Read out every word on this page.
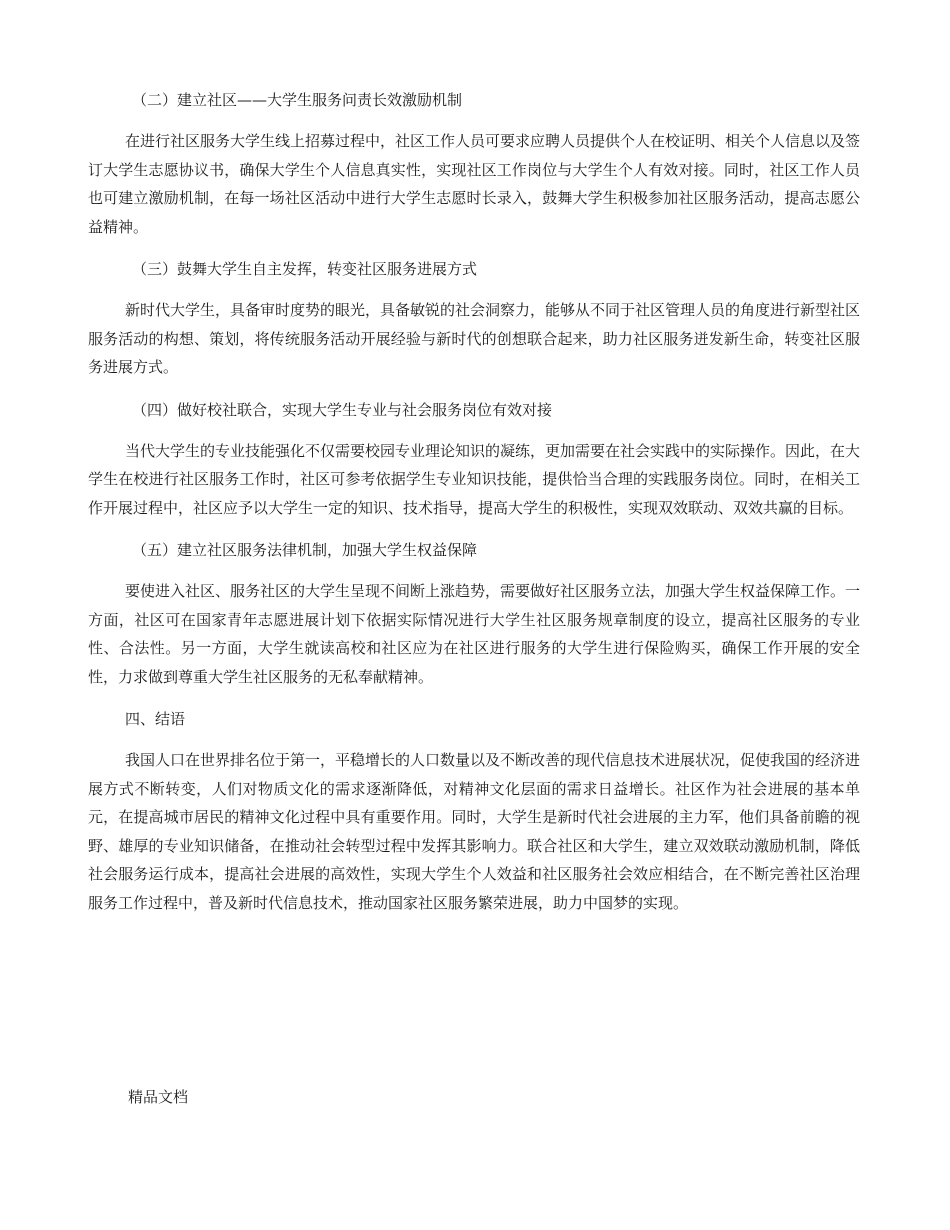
（二）建立社区——大学生服务问责长效激励机制

在进行社区服务大学生线上招募过程中，社区工作人员可要求应聘人员提供个人在校证明、相关个人信息以及签订大学生志愿协议书，确保大学生个人信息真实性，实现社区工作岗位与大学生个人有效对接。同时，社区工作人员也可建立激励机制，在每一场社区活动中进行大学生志愿时长录入，鼓舞大学生积极参加社区服务活动，提高志愿公益精神。

（三）鼓舞大学生自主发挥，转变社区服务进展方式

新时代大学生，具备审时度势的眼光，具备敏锐的社会洞察力，能够从不同于社区管理人员的角度进行新型社区服务活动的构想、策划，将传统服务活动开展经验与新时代的创想联合起来，助力社区服务迸发新生命，转变社区服务进展方式。

（四）做好校社联合，实现大学生专业与社会服务岗位有效对接

当代大学生的专业技能强化不仅需要校园专业理论知识的凝练，更加需要在社会实践中的实际操作。因此，在大学生在校进行社区服务工作时，社区可参考依据学生专业知识技能，提供恰当合理的实践服务岗位。同时，在相关工作开展过程中，社区应予以大学生一定的知识、技术指导，提高大学生的积极性，实现双效联动、双效共赢的目标。

（五）建立社区服务法律机制，加强大学生权益保障

要使进入社区、服务社区的大学生呈现不间断上涨趋势，需要做好社区服务立法，加强大学生权益保障工作。一方面，社区可在国家青年志愿进展计划下依据实际情况进行大学生社区服务规章制度的设立，提高社区服务的专业性、合法性。另一方面，大学生就读高校和社区应为在社区进行服务的大学生进行保险购买，确保工作开展的安全性，力求做到尊重大学生社区服务的无私奉献精神。

四、结语

我国人口在世界排名位于第一，平稳增长的人口数量以及不断改善的现代信息技术进展状况，促使我国的经济进展方式不断转变，人们对物质文化的需求逐渐降低，对精神文化层面的需求日益增长。社区作为社会进展的基本单元，在提高城市居民的精神文化过程中具有重要作用。同时，大学生是新时代社会进展的主力军，他们具备前瞻的视野、雄厚的专业知识储备，在推动社会转型过程中发挥其影响力。联合社区和大学生，建立双效联动激励机制，降低社会服务运行成本，提高社会进展的高效性，实现大学生个人效益和社区服务社会效应相结合，在不断完善社区治理服务工作过程中，普及新时代信息技术，推动国家社区服务繁荣进展，助力中国梦的实现。

精品文档
